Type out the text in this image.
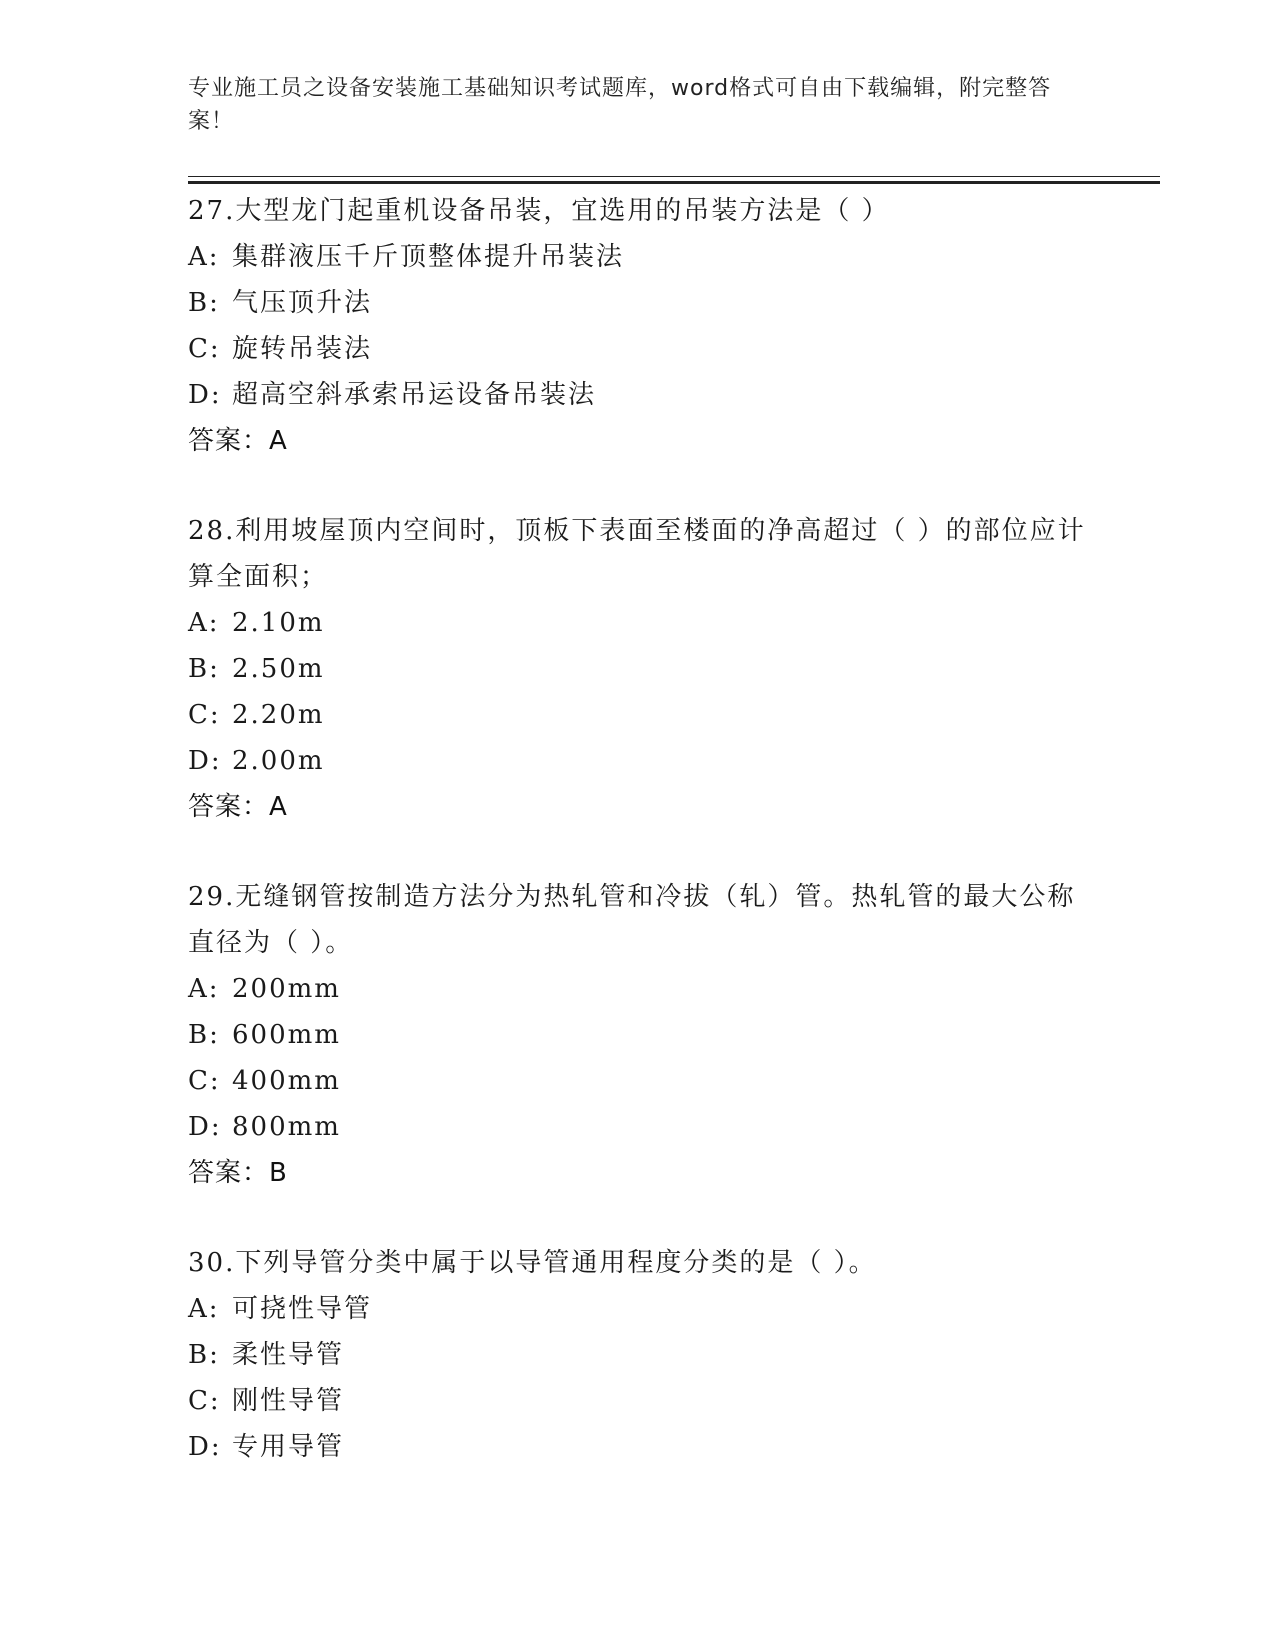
专业施工员之设备安装施工基础知识考试题库，word格式可自由下载编辑，附完整答案！

27.大型龙门起重机设备吊装，宜选用的吊装方法是（ ）

A: 集群液压千斤顶整体提升吊装法

B: 气压顶升法

C: 旋转吊装法

D: 超高空斜承索吊运设备吊装法

答案：A

28.利用坡屋顶内空间时，顶板下表面至楼面的净高超过（ ）的部位应计算全面积；

A: 2.10m

B: 2.50m

C: 2.20m

D: 2.00m

答案：A

29.无缝钢管按制造方法分为热轧管和冷拔（轧）管。热轧管的最大公称直径为（ ）。

A: 200mm

B: 600mm

C: 400mm

D: 800mm

答案：B

30.下列导管分类中属于以导管通用程度分类的是（ ）。

A: 可挠性导管

B: 柔性导管

C: 刚性导管

D: 专用导管
